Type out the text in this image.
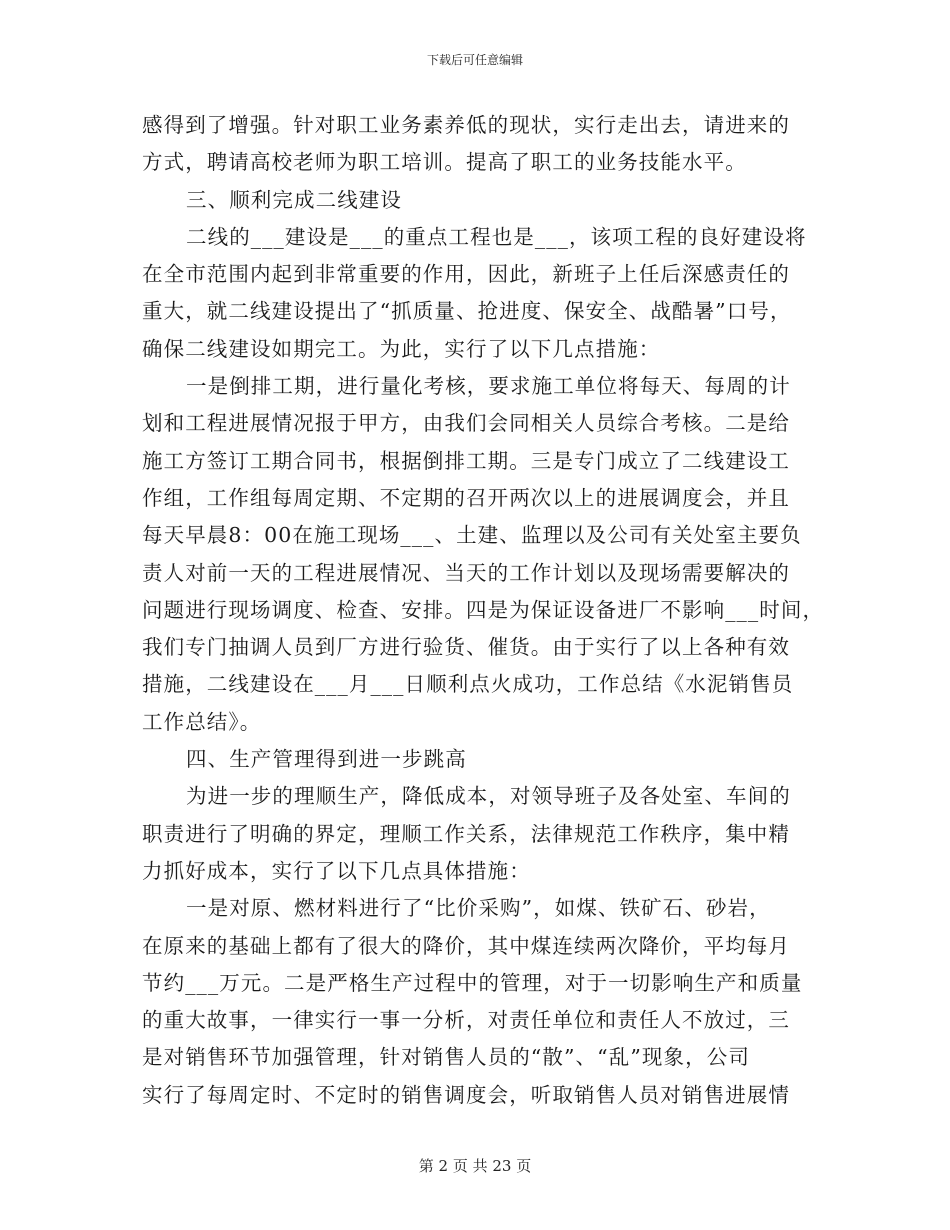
下载后可任意编辑
感得到了增强。针对职工业务素养低的现状，实行走出去，请进来的
方式，聘请高校老师为职工培训。提高了职工的业务技能水平。
三、顺利完成二线建设
二线的___建设是___的重点工程也是___，该项工程的良好建设将
在全市范围内起到非常重要的作用，因此，新班子上任后深感责任的
重大，就二线建设提出了“抓质量、抢进度、保安全、战酷暑”口号，
确保二线建设如期完工。为此，实行了以下几点措施：
一是倒排工期，进行量化考核，要求施工单位将每天、每周的计
划和工程进展情况报于甲方，由我们会同相关人员综合考核。二是给
施工方签订工期合同书，根据倒排工期。三是专门成立了二线建设工
作组，工作组每周定期、不定期的召开两次以上的进展调度会，并且
每天早晨8：00在施工现场___、土建、监理以及公司有关处室主要负
责人对前一天的工程进展情况、当天的工作计划以及现场需要解决的
问题进行现场调度、检查、安排。四是为保证设备进厂不影响___时间，
我们专门抽调人员到厂方进行验货、催货。由于实行了以上各种有效
措施，二线建设在___月___日顺利点火成功，工作总结《水泥销售员
工作总结》。
四、生产管理得到进一步跳高
为进一步的理顺生产，降低成本，对领导班子及各处室、车间的
职责进行了明确的界定，理顺工作关系，法律规范工作秩序，集中精
力抓好成本，实行了以下几点具体措施：
一是对原、燃材料进行了“比价采购”，如煤、铁矿石、砂岩，
在原来的基础上都有了很大的降价，其中煤连续两次降价，平均每月
节约___万元。二是严格生产过程中的管理，对于一切影响生产和质量
的重大故事，一律实行一事一分析，对责任单位和责任人不放过，三
是对销售环节加强管理，针对销售人员的“散”、“乱”现象，公司
实行了每周定时、不定时的销售调度会，听取销售人员对销售进展情
第 2 页 共 23 页
